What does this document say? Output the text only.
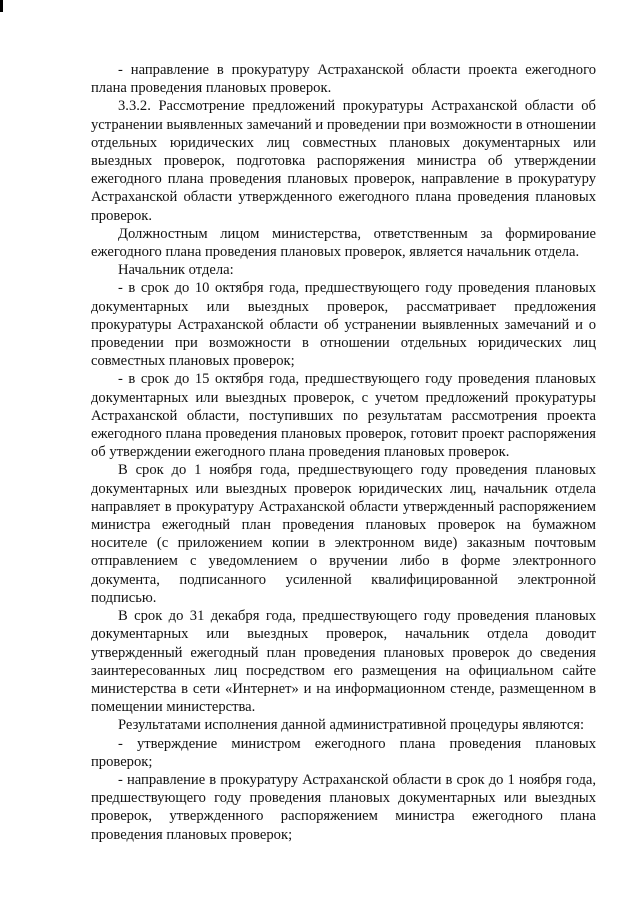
- направление в прокуратуру Астраханской области проекта ежегодного плана проведения плановых проверок.

3.3.2. Рассмотрение предложений прокуратуры Астраханской области об устранении выявленных замечаний и проведении при возможности в отношении отдельных юридических лиц совместных плановых документарных или выездных проверок, подготовка распоряжения министра об утверждении ежегодного плана проведения плановых проверок, направление в прокуратуру Астраханской области утвержденного ежегодного плана проведения плановых проверок.

Должностным лицом министерства, ответственным за формирование ежегодного плана проведения плановых проверок, является начальник отдела.

Начальник отдела:

- в срок до 10 октября года, предшествующего году проведения плановых документарных или выездных проверок, рассматривает предложения прокуратуры Астраханской области об устранении выявленных замечаний и о проведении при возможности в отношении отдельных юридических лиц совместных плановых проверок;

- в срок до 15 октября года, предшествующего году проведения плановых документарных или выездных проверок, с учетом предложений прокуратуры Астраханской области, поступивших по результатам рассмотрения проекта ежегодного плана проведения плановых проверок, готовит проект распоряжения об утверждении ежегодного плана проведения плановых проверок.

В срок до 1 ноября года, предшествующего году проведения плановых документарных или выездных проверок юридических лиц, начальник отдела направляет в прокуратуру Астраханской области утвержденный распоряжением министра ежегодный план проведения плановых проверок на бумажном носителе (с приложением копии в электронном виде) заказным почтовым отправлением с уведомлением о вручении либо в форме электронного документа, подписанного усиленной квалифицированной электронной подписью.

В срок до 31 декабря года, предшествующего году проведения плановых документарных или выездных проверок, начальник отдела доводит утвержденный ежегодный план проведения плановых проверок до сведения заинтересованных лиц посредством его размещения на официальном сайте министерства в сети «Интернет» и на информационном стенде, размещенном в помещении министерства.

Результатами исполнения данной административной процедуры являются:

- утверждение министром ежегодного плана проведения плановых проверок;

- направление в прокуратуру Астраханской области в срок до 1 ноября года, предшествующего году проведения плановых документарных или выездных проверок, утвержденного распоряжением министра ежегодного плана проведения плановых проверок;
